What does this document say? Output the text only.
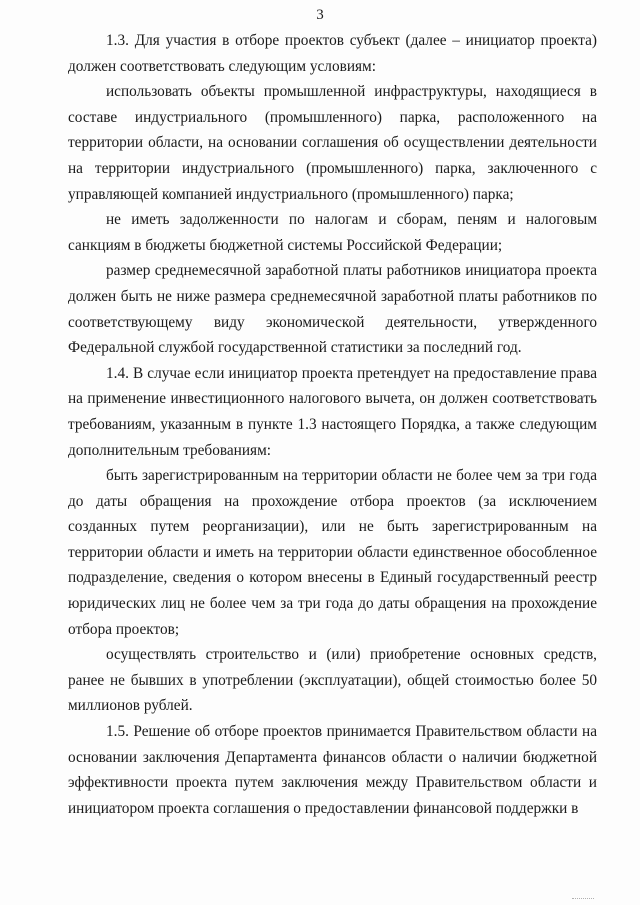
3

1.3. Для участия в отборе проектов субъект (далее – инициатор проекта) должен соответствовать следующим условиям:

использовать объекты промышленной инфраструктуры, находящиеся в составе индустриального (промышленного) парка, расположенного на территории области, на основании соглашения об осуществлении деятельности на территории индустриального (промышленного) парка, заключенного с управляющей компанией индустриального (промышленного) парка;

не иметь задолженности по налогам и сборам, пеням и налоговым санкциям в бюджеты бюджетной системы Российской Федерации;

размер среднемесячной заработной платы работников инициатора проекта должен быть не ниже размера среднемесячной заработной платы работников по соответствующему виду экономической деятельности, утвержденного Федеральной службой государственной статистики за последний год.

1.4. В случае если инициатор проекта претендует на предоставление права на применение инвестиционного налогового вычета, он должен соответствовать требованиям, указанным в пункте 1.3 настоящего Порядка, а также следующим дополнительным требованиям:

быть зарегистрированным на территории области не более чем за три года до даты обращения на прохождение отбора проектов (за исключением созданных путем реорганизации), или не быть зарегистрированным на территории области и иметь на территории области единственное обособленное подразделение, сведения о котором внесены в Единый государственный реестр юридических лиц не более чем за три года до даты обращения на прохождение отбора проектов;

осуществлять строительство и (или) приобретение основных средств, ранее не бывших в употреблении (эксплуатации), общей стоимостью более 50 миллионов рублей.

1.5. Решение об отборе проектов принимается Правительством области на основании заключения Департамента финансов области о наличии бюджетной эффективности проекта путем заключения между Правительством области и инициатором проекта соглашения о предоставлении финансовой поддержки в
